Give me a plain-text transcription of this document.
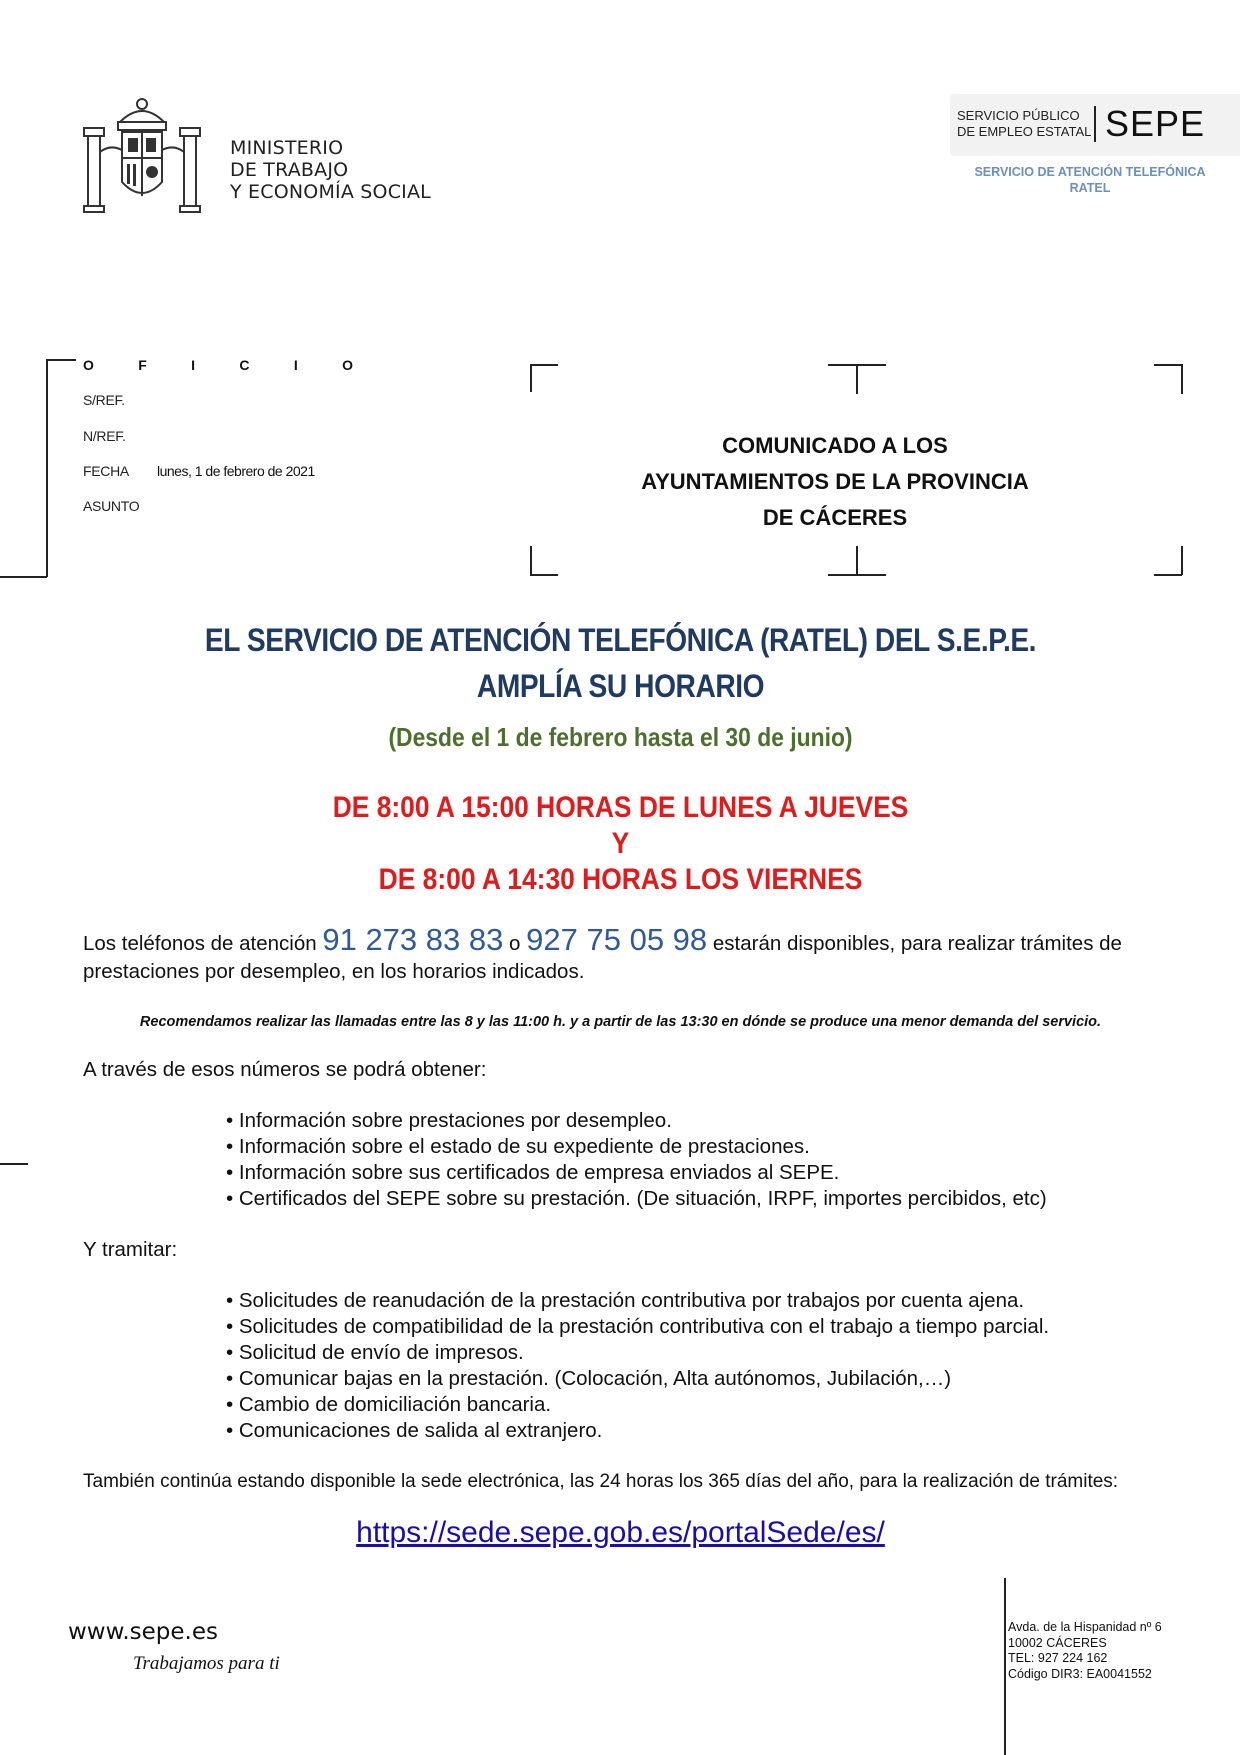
MINISTERIO
DE TRABAJO
Y ECONOMÍA SOCIAL
SERVICIO PÚBLICO
DE EMPLEO ESTATAL SEPE
SERVICIO DE ATENCIÓN TELEFÓNICA
RATEL
O	F	I	C	I	O
S/REF.
N/REF.
FECHA lunes, 1 de febrero de 2021
ASUNTO
COMUNICADO A LOS
AYUNTAMIENTOS DE LA PROVINCIA
DE CÁCERES
EL SERVICIO DE ATENCIÓN TELEFÓNICA (RATEL) DEL S.E.P.E.
AMPLÍA SU HORARIO
(Desde el 1 de febrero hasta el 30 de junio)
DE 8:00 A 15:00 HORAS DE LUNES A JUEVES
Y
DE 8:00 A 14:30 HORAS LOS VIERNES
Los teléfonos de atención 91 273 83 83 o 927 75 05 98 estarán disponibles, para realizar trámites de prestaciones por desempleo, en los horarios indicados.
Recomendamos realizar las llamadas entre las 8 y las 11:00 h. y a partir de las 13:30 en dónde se produce una menor demanda del servicio.
A través de esos números se podrá obtener:
• Información sobre prestaciones por desempleo.
• Información sobre el estado de su expediente de prestaciones.
• Información sobre sus certificados de empresa enviados al SEPE.
• Certificados del SEPE sobre su prestación. (De situación, IRPF, importes percibidos, etc)
Y tramitar:
• Solicitudes de reanudación de la prestación contributiva por trabajos por cuenta ajena.
• Solicitudes de compatibilidad de la prestación contributiva con el trabajo a tiempo parcial.
• Solicitud de envío de impresos.
• Comunicar bajas en la prestación. (Colocación, Alta autónomos, Jubilación,…)
• Cambio de domiciliación bancaria.
• Comunicaciones de salida al extranjero.
También continúa estando disponible la sede electrónica, las 24 horas los 365 días del año, para la realización de trámites:
https://sede.sepe.gob.es/portalSede/es/
www.sepe.es
Trabajamos para ti
Avda. de la Hispanidad nº 6
10002 CÁCERES
TEL: 927 224 162
Código DIR3: EA0041552
